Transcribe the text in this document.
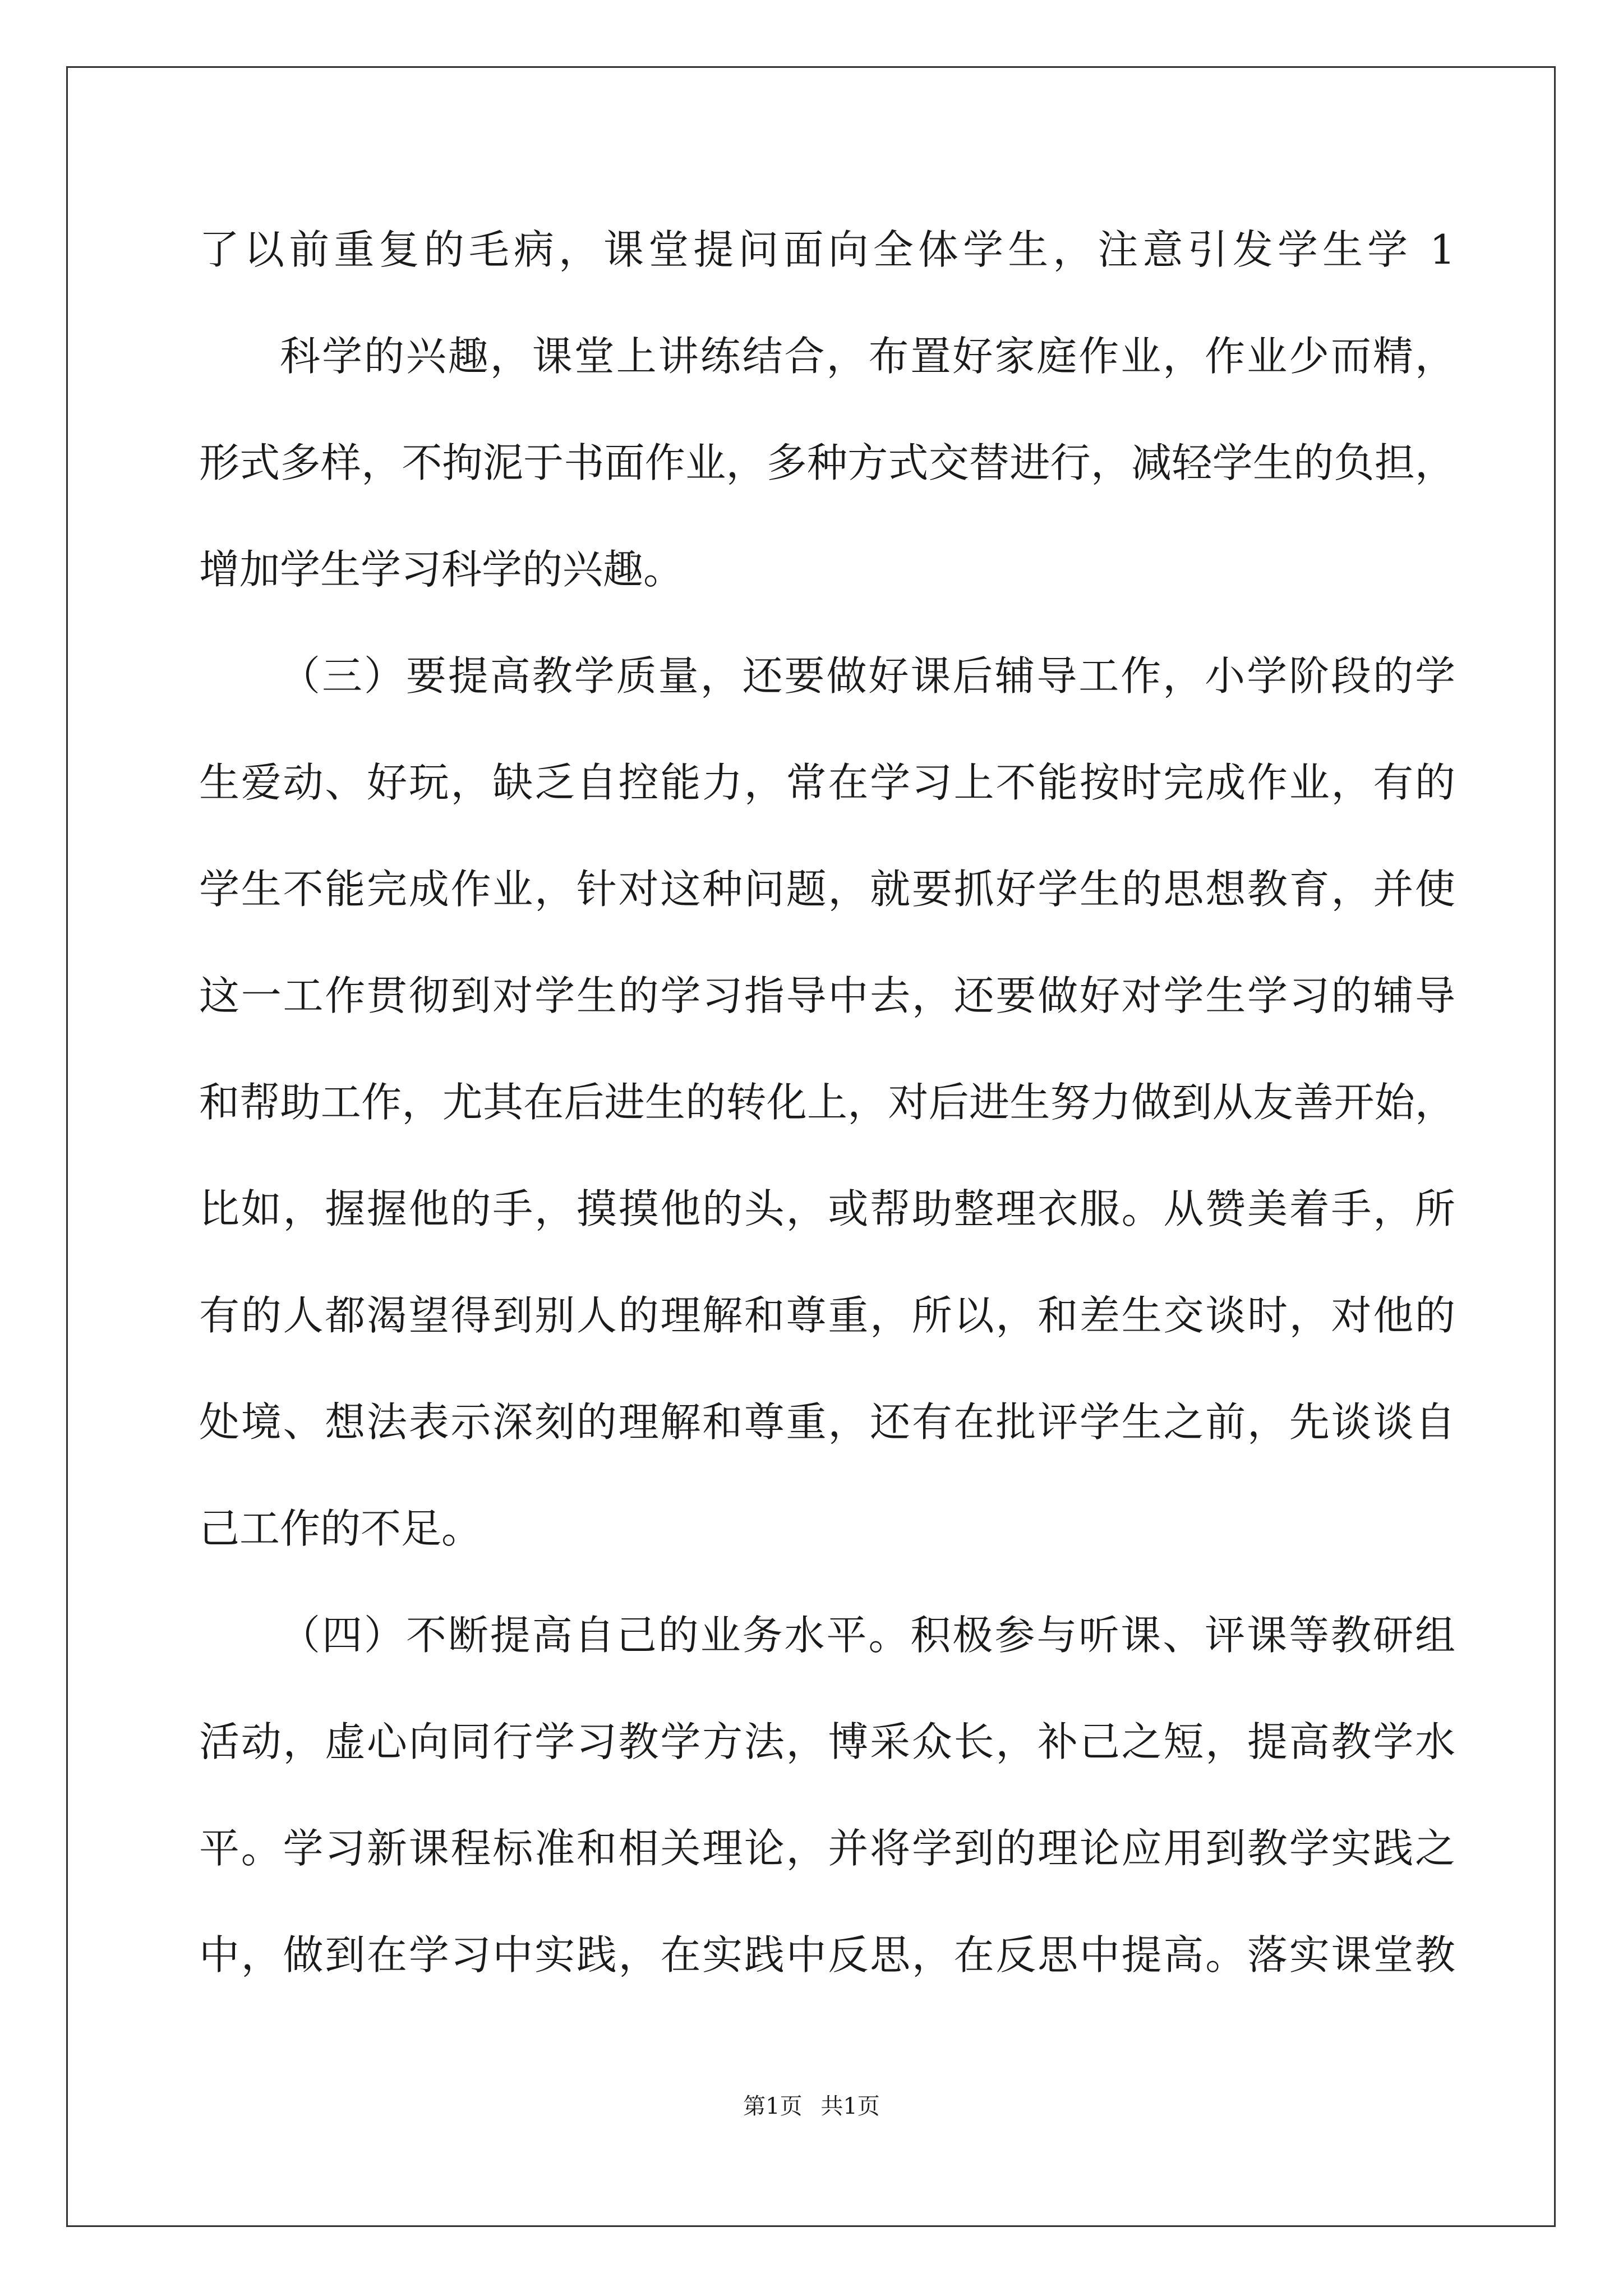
了以前重复的毛病，课堂提问面向全体学生，注意引发学生学 1
科学的兴趣，课堂上讲练结合，布置好家庭作业，作业少而精，
形式多样，不拘泥于书面作业，多种方式交替进行，减轻学生的负担，
增加学生学习科学的兴趣。
（三）要提高教学质量，还要做好课后辅导工作，小学阶段的学
生爱动、好玩，缺乏自控能力，常在学习上不能按时完成作业，有的
学生不能完成作业，针对这种问题，就要抓好学生的思想教育，并使
这一工作贯彻到对学生的学习指导中去，还要做好对学生学习的辅导
和帮助工作，尤其在后进生的转化上，对后进生努力做到从友善开始，
比如，握握他的手，摸摸他的头，或帮助整理衣服。从赞美着手，所
有的人都渴望得到别人的理解和尊重，所以，和差生交谈时，对他的
处境、想法表示深刻的理解和尊重，还有在批评学生之前，先谈谈自
己工作的不足。
（四）不断提高自己的业务水平。积极参与听课、评课等教研组
活动，虚心向同行学习教学方法，博采众长，补己之短，提高教学水
平。学习新课程标准和相关理论，并将学到的理论应用到教学实践之
中，做到在学习中实践，在实践中反思，在反思中提高。落实课堂教
第1页 共1页
